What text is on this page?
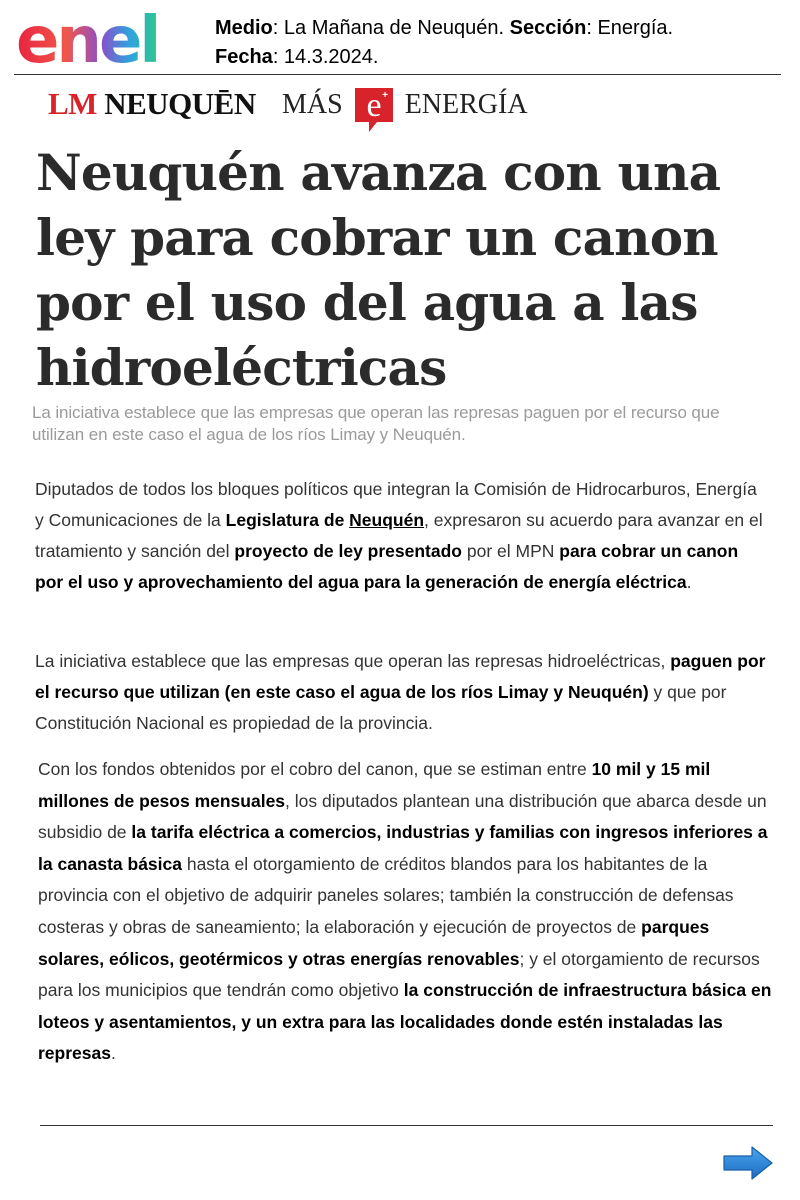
enel	Medio: La Mañana de Neuquén. Sección: Energía.
Fecha: 14.3.2024.
LM NEUQUĒN MÁS e + ENERGÍA
Neuquén avanza con una ley para cobrar un canon por el uso del agua a las hidroeléctricas
La iniciativa establece que las empresas que operan las represas paguen por el recurso que utilizan en este caso el agua de los ríos Limay y Neuquén.

Diputados de todos los bloques políticos que integran la Comisión de Hidrocarburos, Energía y Comunicaciones de la Legislatura de Neuquén, expresaron su acuerdo para avanzar en el tratamiento y sanción del proyecto de ley presentado por el MPN para cobrar un canon por el uso y aprovechamiento del agua para la generación de energía eléctrica.

La iniciativa establece que las empresas que operan las represas hidroeléctricas, paguen por el recurso que utilizan (en este caso el agua de los ríos Limay y Neuquén) y que por Constitución Nacional es propiedad de la provincia.

Con los fondos obtenidos por el cobro del canon, que se estiman entre 10 mil y 15 mil millones de pesos mensuales, los diputados plantean una distribución que abarca desde un subsidio de la tarifa eléctrica a comercios, industrias y familias con ingresos inferiores a la canasta básica hasta el otorgamiento de créditos blandos para los habitantes de la provincia con el objetivo de adquirir paneles solares; también la construcción de defensas costeras y obras de saneamiento; la elaboración y ejecución de proyectos de parques solares, eólicos, geotérmicos y otras energías renovables; y el otorgamiento de recursos para los municipios que tendrán como objetivo la construcción de infraestructura básica en loteos y asentamientos, y un extra para las localidades donde estén instaladas las represas.
